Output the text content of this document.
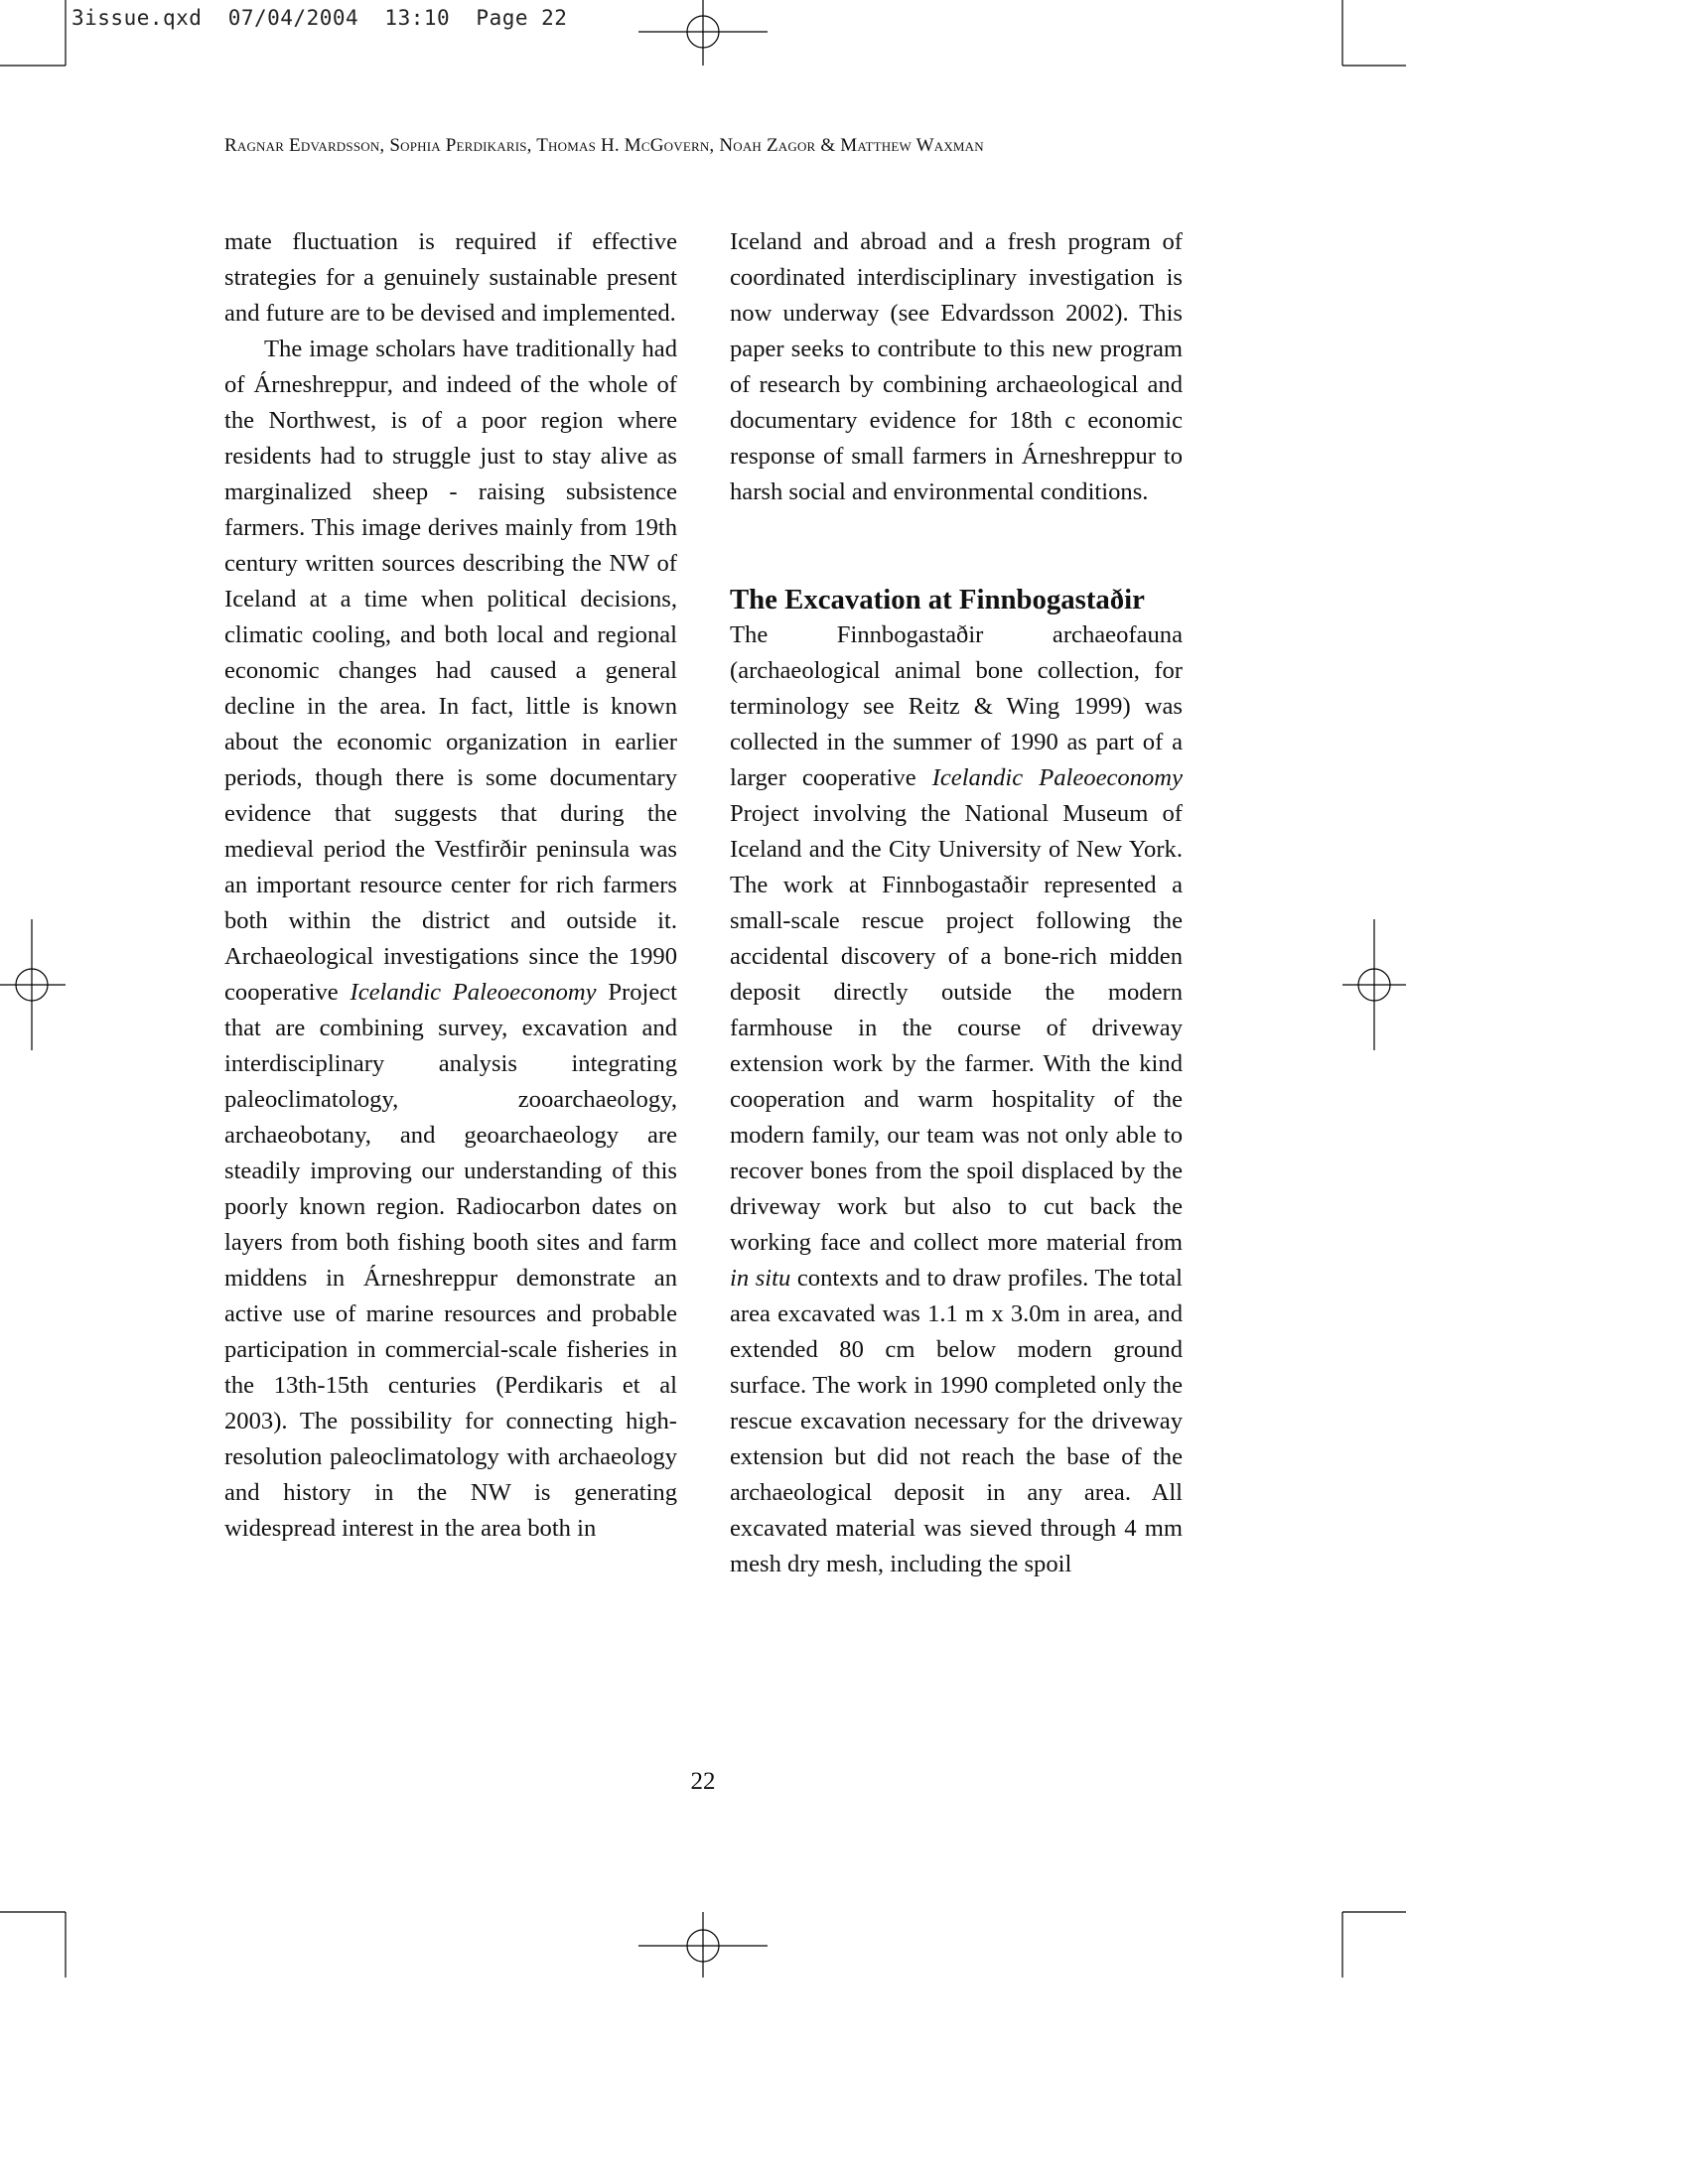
3issue.qxd  07/04/2004  13:10  Page 22
Ragnar Edvardsson, Sophia Perdikaris, Thomas H. McGovern, Noah Zagor & Matthew Waxman

mate fluctuation is required if effective strategies for a genuinely sustainable present and future are to be devised and implemented.

The image scholars have traditionally had of Árneshreppur, and indeed of the whole of the Northwest, is of a poor region where residents had to struggle just to stay alive as marginalized sheep - raising subsistence farmers. This image derives mainly from 19th century written sources describing the NW of Iceland at a time when political decisions, climatic cooling, and both local and regional economic changes had caused a general decline in the area. In fact, little is known about the economic organization in earlier periods, though there is some documentary evidence that suggests that during the medieval period the Vestfirðir peninsula was an important resource center for rich farmers both within the district and outside it. Archaeological investigations since the 1990 cooperative Icelandic Paleoeconomy Project that are combining survey, excavation and interdisciplinary analysis integrating paleoclimatology, zooarchaeology, archaeobotany, and geoarchaeology are steadily improving our understanding of this poorly known region. Radiocarbon dates on layers from both fishing booth sites and farm middens in Árneshreppur demonstrate an active use of marine resources and probable participation in commercial-scale fisheries in the 13th-15th centuries (Perdikaris et al 2003). The possibility for connecting high-resolution paleoclimatology with archaeology and history in the NW is generating widespread interest in the area both in

Iceland and abroad and a fresh program of coordinated interdisciplinary investigation is now underway (see Edvardsson 2002). This paper seeks to contribute to this new program of research by combining archaeological and documentary evidence for 18th c economic response of small farmers in Árneshreppur to harsh social and environmental conditions.

The Excavation at Finnbogastaðir

The Finnbogastaðir archaeofauna (archaeological animal bone collection, for terminology see Reitz & Wing 1999) was collected in the summer of 1990 as part of a larger cooperative Icelandic Paleoeconomy Project involving the National Museum of Iceland and the City University of New York. The work at Finnbogastaðir represented a small-scale rescue project following the accidental discovery of a bone-rich midden deposit directly outside the modern farmhouse in the course of driveway extension work by the farmer. With the kind cooperation and warm hospitality of the modern family, our team was not only able to recover bones from the spoil displaced by the driveway work but also to cut back the working face and collect more material from in situ contexts and to draw profiles. The total area excavated was 1.1 m x 3.0m in area, and extended 80 cm below modern ground surface. The work in 1990 completed only the rescue excavation necessary for the driveway extension but did not reach the base of the archaeological deposit in any area. All excavated material was sieved through 4 mm mesh dry mesh, including the spoil

22
